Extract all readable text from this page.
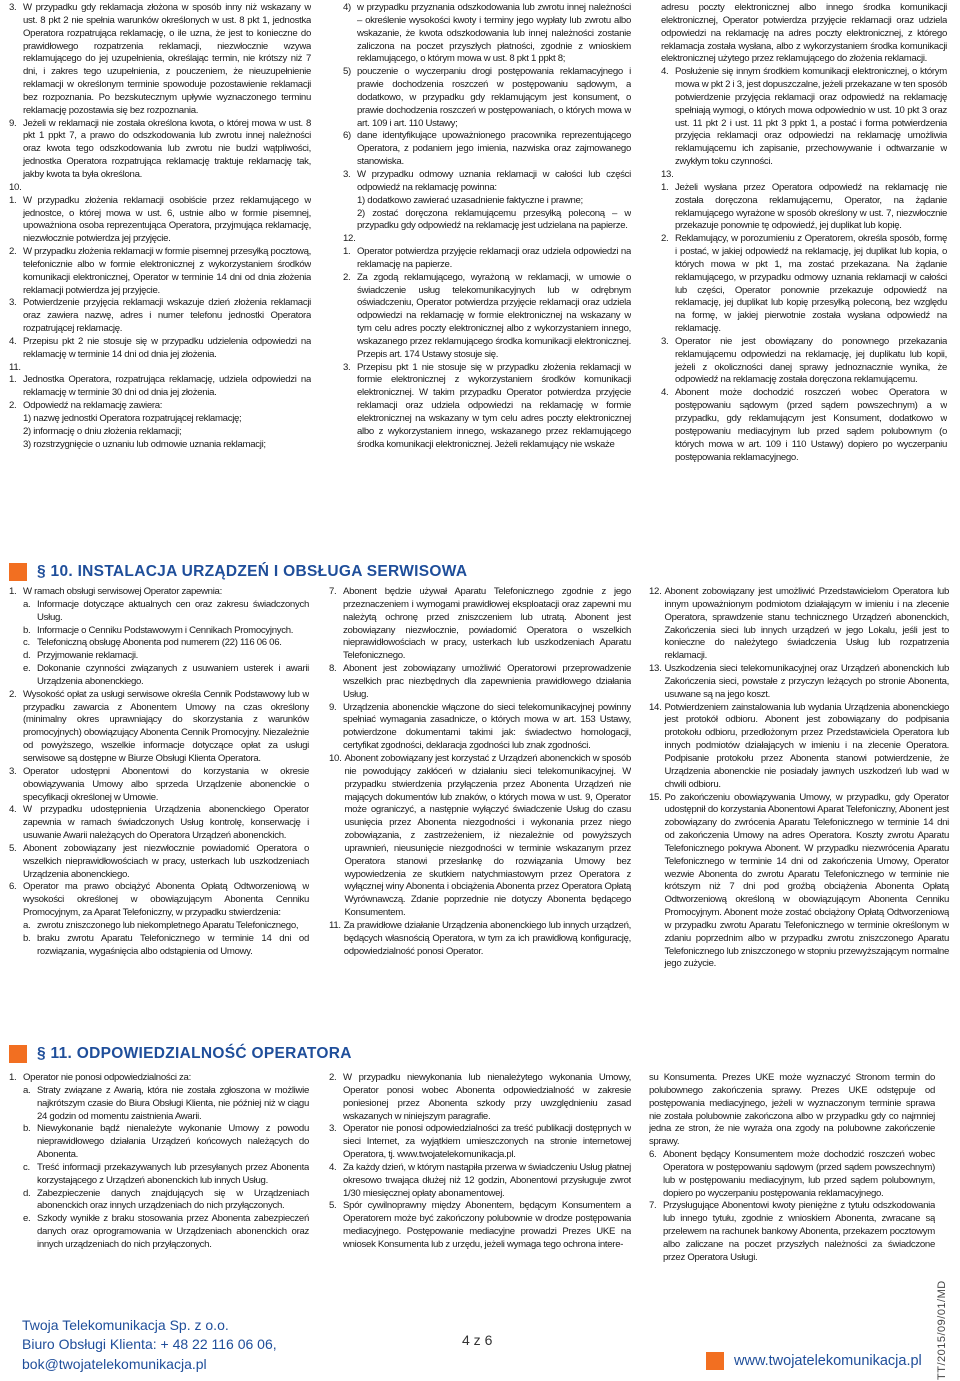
3. W przypadku gdy reklamacja złożona w sposób inny niż wskazany w ust. 8 pkt 2 nie spełnia warunków określonych w ust. 8 pkt 1, jednostka Operatora rozpatrująca reklamację, o ile uzna, że jest to konieczne do prawidłowego rozpatrzenia reklamacji, niezwłocznie wzywa reklamującego do jej uzupełnienia, określając termin, nie krótszy niż 7 dni, i zakres tego uzupełnienia, z pouczeniem, że nieuzupełnienie reklamacji w określonym terminie spowoduje pozostawienie reklamacji bez rozpoznania. Po bezskutecznym upływie wyznaczonego terminu reklamację pozostawia się bez rozpoznania.
9. Jeżeli w reklamacji nie została określona kwota, o której mowa w ust. 8 pkt 1 ppkt 7, a prawo do odszkodowania lub zwrotu innej należności oraz kwota tego odszkodowania lub zwrotu nie budzi wątpliwości, jednostka Operatora rozpatrująca reklamację traktuje reklamację tak, jakby kwota ta była określona.
10.
1. W przypadku złożenia reklamacji osobiście przez reklamującego w jednostce, o której mowa w ust. 6, ustnie albo w formie pisemnej, upoważniona osoba reprezentująca Operatora, przyjmująca reklamację, niezwłocznie potwierdza jej przyjęcie.
2. W przypadku złożenia reklamacji w formie pisemnej przesyłką pocztową, telefonicznie albo w formie elektronicznej z wykorzystaniem środków komunikacji elektronicznej, Operator w terminie 14 dni od dnia złożenia reklamacji potwierdza jej przyjęcie.
3. Potwierdzenie przyjęcia reklamacji wskazuje dzień złożenia reklamacji oraz zawiera nazwę, adres i numer telefonu jednostki Operatora rozpatrującej reklamację.
4. Przepisu pkt 2 nie stosuje się w przypadku udzielenia odpowiedzi na reklamację w terminie 14 dni od dnia jej złożenia.
11.
1. Jednostka Operatora, rozpatrująca reklamację, udziela odpowiedzi na reklamację w terminie 30 dni od dnia jej złożenia.
2. Odpowiedź na reklamację zawiera:
1) nazwę jednostki Operatora rozpatrującej reklamację;
2) informację o dniu złożenia reklamacji;
3) rozstrzygnięcie o uznaniu lub odmowie uznania reklamacji;
4) w przypadku przyznania odszkodowania lub zwrotu innej należności – określenie wysokości kwoty i terminy jego wypłaty lub zwrotu albo wskazanie, że kwota odszkodowania lub innej należności zostanie zaliczona na poczet przyszłych płatności, zgodnie z wnioskiem reklamującego, o którym mowa w ust. 8 pkt 1 ppkt 8;
5) pouczenie o wyczerpaniu drogi postępowania reklamacyjnego i prawie dochodzenia roszczeń w postępowaniu sądowym, a dodatkowo, w przypadku gdy reklamującym jest konsument, o prawie dochodzenia roszczeń w postępowaniach, o których mowa w art. 109 i art. 110 Ustawy;
6) dane identyfikujące upoważnionego pracownika reprezentującego Operatora, z podaniem jego imienia, nazwiska oraz zajmowanego stanowiska.
3. W przypadku odmowy uznania reklamacji w całości lub części odpowiedź na reklamację powinna:
1) dodatkowo zawierać uzasadnienie faktyczne i prawne;
2) zostać doręczona reklamującemu przesyłką poleconą – w przypadku gdy odpowiedź na reklamację jest udzielana na papierze.
12.
1. Operator potwierdza przyjęcie reklamacji oraz udziela odpowiedzi na reklamację na papierze.
2. Za zgodą reklamującego, wyrażoną w reklamacji, w umowie o świadczenie usług telekomunikacyjnych lub w odrębnym oświadczeniu, Operator potwierdza przyjęcie reklamacji oraz udziela odpowiedzi na reklamację w formie elektronicznej na wskazany w tym celu adres poczty elektronicznej albo z wykorzystaniem innego, wskazanego przez reklamującego środka komunikacji elektronicznej. Przepis art. 174 Ustawy stosuje się.
3. Przepisu pkt 1 nie stosuje się w przypadku złożenia reklamacji w formie elektronicznej z wykorzystaniem środków komunikacji elektronicznej. W takim przypadku Operator potwierdza przyjęcie reklamacji oraz udziela odpowiedzi na reklamację w formie elektronicznej na wskazany w tym celu adres poczty elektronicznej albo z wykorzystaniem innego, wskazanego przez reklamującego środka komunikacji elektronicznej. Jeżeli reklamujący nie wskaże
adresu poczty elektronicznej albo innego środka komunikacji elektronicznej, Operator potwierdza przyjęcie reklamacji oraz udziela odpowiedzi na reklamację na adres poczty elektronicznej, z którego reklamacja została wysłana, albo z wykorzystaniem środka komunikacji elektronicznej użytego przez reklamującego do złożenia reklamacji.
4. Posłużenie się innym środkiem komunikacji elektronicznej, o którym mowa w pkt 2 i 3, jest dopuszczalne, jeżeli przekazane w ten sposób potwierdzenie przyjęcia reklamacji oraz odpowiedź na reklamację spełniają wymogi, o których mowa odpowiednio w ust. 10 pkt 3 oraz ust. 11 pkt 2 i ust. 11 pkt 3 ppkt 1, a postać i forma potwierdzenia przyjęcia reklamacji oraz odpowiedzi na reklamację umożliwia reklamującemu ich zapisanie, przechowywanie i odtwarzanie w zwykłym toku czynności.
13.
1. Jeżeli wysłana przez Operatora odpowiedź na reklamację nie została doręczona reklamującemu, Operator, na żądanie reklamującego wyrażone w sposób określony w ust. 7, niezwłocznie przekazuje ponownie tę odpowiedź, jej duplikat lub kopię.
2. Reklamujący, w porozumieniu z Operatorem, określa sposób, formę i postać, w jakiej odpowiedź na reklamację, jej duplikat lub kopia, o których mowa w pkt 1, ma zostać przekazana. Na żądanie reklamującego, w przypadku odmowy uznania reklamacji w całości lub części, Operator ponownie przekazuje odpowiedź na reklamację, jej duplikat lub kopię przesyłką poleconą, bez względu na formę, w jakiej pierwotnie została wysłana odpowiedź na reklamację.
3. Operator nie jest obowiązany do ponownego przekazania reklamującemu odpowiedzi na reklamację, jej duplikatu lub kopii, jeżeli z okoliczności danej sprawy jednoznacznie wynika, że odpowiedź na reklamację została doręczona reklamującemu.
4. Abonent może dochodzić roszczeń wobec Operatora w postępowaniu sądowym (przed sądem powszechnym) a w przypadku, gdy reklamującym jest Konsument, dodatkowo w postępowaniu mediacyjnym lub przed sądem polubownym (o których mowa w art. 109 i 110 Ustawy) dopiero po wyczerpaniu postępowania reklamacyjnego.
§ 10. INSTALACJA URZĄDZEŃ I OBSŁUGA SERWISOWA
1. W ramach obsługi serwisowej Operator zapewnia:
a. Informacje dotyczące aktualnych cen oraz zakresu świadczonych Usług.
b. Informacje o Cenniku Podstawowym i Cennikach Promocyjnych.
c. Telefoniczną obsługę Abonenta pod numerem (22) 116 06 06.
d. Przyjmowanie reklamacji.
e. Dokonanie czynności związanych z usuwaniem usterek i awarii Urządzenia abonenckiego.
2. Wysokość opłat za usługi serwisowe określa Cennik Podstawowy lub w przypadku zawarcia z Abonentem Umowy na czas określony (minimalny okres uprawniający do skorzystania z warunków promocyjnych) obowiązujący Abonenta Cennik Promocyjny. Niezależnie od powyższego, wszelkie informacje dotyczące opłat za usługi serwisowe są dostępne w Biurze Obsługi Klienta Operatora.
3. Operator udostępni Abonentowi do korzystania w okresie obowiązywania Umowy albo sprzeda Urządzenie abonenckie o specyfikacji określonej w Umowie.
4. W przypadku udostępnienia Urządzenia abonenckiego Operator zapewnia w ramach świadczonych Usług kontrolę, konserwację i usuwanie Awarii należących do Operatora Urządzeń abonenckich.
5. Abonent zobowiązany jest niezwłocznie powiadomić Operatora o wszelkich nieprawidłowościach w pracy, usterkach lub uszkodzeniach Urządzenia abonenckiego.
6. Operator ma prawo obciążyć Abonenta Opłatą Odtworzeniową w wysokości określonej w obowiązującym Abonenta Cenniku Promocyjnym, za Aparat Telefoniczny, w przypadku stwierdzenia:
a. zwrotu zniszczonego lub niekompletnego Aparatu Telefonicznego,
b. braku zwrotu Aparatu Telefonicznego w terminie 14 dni od rozwiązania, wygaśnięcia albo odstąpienia od Umowy.
7. Abonent będzie używał Aparatu Telefonicznego zgodnie z jego przeznaczeniem i wymogami prawidłowej eksploatacji oraz zapewni mu należytą ochronę przed zniszczeniem lub utratą. Abonent jest zobowiązany niezwłocznie, powiadomić Operatora o wszelkich nieprawidłowościach w pracy, usterkach lub uszkodzeniach Aparatu Telefonicznego.
8. Abonent jest zobowiązany umożliwić Operatorowi przeprowadzenie wszelkich prac niezbędnych dla zapewnienia prawidłowego działania Usług.
9. Urządzenia abonenckie włączone do sieci telekomunikacyjnej powinny spełniać wymagania zasadnicze, o których mowa w art. 153 Ustawy, potwierdzone dokumentami takimi jak: świadectwo homologacji, certyfikat zgodności, deklaracja zgodności lub znak zgodności.
10. Abonent zobowiązany jest korzystać z Urządzeń abonenckich w sposób nie powodujący zakłóceń w działaniu sieci telekomunikacyjnej. W przypadku stwierdzenia przyłączenia przez Abonenta Urządzeń nie mających dokumentów lub znaków, o których mowa w ust. 9, Operator może ograniczyć, a następnie wyłączyć świadczenie Usług do czasu usunięcia przez Abonenta niezgodności i wykonania przez niego zobowiązania, z zastrzeżeniem, iż niezależnie od powyższych uprawnień, nieusunięcie niezgodności w terminie wskazanym przez Operatora stanowi przesłankę do rozwiązania Umowy bez wypowiedzenia ze skutkiem natychmiastowym przez Operatora z wyłącznej winy Abonenta i obciążenia Abonenta przez Operatora Opłatą Wyrównawczą. Zdanie poprzednie nie dotyczy Abonenta będącego Konsumentem.
11. Za prawidłowe działanie Urządzenia abonenckiego lub innych urządzeń, będących własnością Operatora, w tym za ich prawidłową konfigurację, odpowiedzialność ponosi Operator.
12. Abonent zobowiązany jest umożliwić Przedstawicielom Operatora lub innym upoważnionym podmiotom działającym w imieniu i na zlecenie Operatora, sprawdzenie stanu technicznego Urządzeń abonenckich, Zakończenia sieci lub innych urządzeń w jego Lokalu, jeśli jest to konieczne do należytego świadczenia Usług lub rozpatrzenia reklamacji.
13. Uszkodzenia sieci telekomunikacyjnej oraz Urządzeń abonenckich lub Zakończenia sieci, powstałe z przyczyn leżących po stronie Abonenta, usuwane są na jego koszt.
14. Potwierdzeniem zainstalowania lub wydania Urządzenia abonenckiego jest protokół odbioru. Abonent jest zobowiązany do podpisania protokołu odbioru, przedłożonym przez Przedstawiciela Operatora lub innych podmiotów działających w imieniu i na zlecenie Operatora. Podpisanie protokołu przez Abonenta stanowi potwierdzenie, że Urządzenia abonenckie nie posiadały jawnych uszkodzeń lub wad w chwili odbioru.
15. Po zakończeniu obowiązywania Umowy, w przypadku, gdy Operator udostępnił do korzystania Abonentowi Aparat Telefoniczny, Abonent jest zobowiązany do zwrócenia Aparatu Telefonicznego w terminie 14 dni od zakończenia Umowy na adres Operatora. Koszty zwrotu Aparatu Telefonicznego pokrywa Abonent. W przypadku niezwrócenia Aparatu Telefonicznego w terminie 14 dni od zakończenia Umowy, Operator wezwie Abonenta do zwrotu Aparatu Telefonicznego w terminie nie krótszym niż 7 dni pod groźbą obciążenia Abonenta Opłatą Odtworzeniową określoną w obowiązującym Abonenta Cenniku Promocyjnym. Abonent może zostać obciążony Opłatą Odtworzeniową w przypadku zwrotu Aparatu Telefonicznego w terminie określonym w zdaniu poprzednim albo w przypadku zwrotu zniszczonego Aparatu Telefonicznego lub zniszczonego w stopniu przewyższającym normalne jego zużycie.
§ 11. ODPOWIEDZIALNOŚĆ OPERATORA
1. Operator nie ponosi odpowiedzialności za:
a. Straty związane z Awarią, która nie została zgłoszona w możliwie najkrótszym czasie do Biura Obsługi Klienta, nie później niż w ciągu 24 godzin od momentu zaistnienia Awarii.
b. Niewykonanie bądź nienależyte wykonanie Umowy z powodu nieprawidłowego działania Urządzeń końcowych należących do Abonenta.
c. Treść informacji przekazywanych lub przesyłanych przez Abonenta korzystającego z Urządzeń abonenckich lub innych Usług.
d. Zabezpieczenie danych znajdujących się w Urządzeniach abonenckich oraz innych urządzeniach do nich przyłączonych.
e. Szkody wynikłe z braku stosowania przez Abonenta zabezpieczeń danych oraz oprogramowania w Urządzeniach abonenckich oraz innych urządzeniach do nich przyłączonych.
2. W przypadku niewykonania lub nienależytego wykonania Umowy, Operator ponosi wobec Abonenta odpowiedzialność w zakresie poniesionej przez Abonenta szkody przy uwzględnieniu zasad wskazanych w niniejszym paragrafie.
3. Operator nie ponosi odpowiedzialności za treść publikacji dostępnych w sieci Internet, za wyjątkiem umieszczonych na stronie internetowej Operatora, tj. www.twojatelekomunikacja.pl.
4. Za każdy dzień, w którym nastąpiła przerwa w świadczeniu Usług płatnej okresowo trwająca dłużej niż 12 godzin, Abonentowi przysługuje zwrot 1/30 miesięcznej opłaty abonamentowej.
5. Spór cywilnoprawny między Abonentem, będącym Konsumentem a Operatorem może być zakończony polubownie w drodze postępowania mediacyjnego. Postępowanie mediacyjne prowadzi Prezes UKE na wniosek Konsumenta lub z urzędu, jeżeli wymaga tego ochrona intere-
su Konsumenta. Prezes UKE może wyznaczyć Stronom termin do polubownego zakończenia sprawy. Prezes UKE odstępuje od postępowania mediacyjnego, jeżeli w wyznaczonym terminie sprawa nie została polubownie zakończona albo w przypadku gdy co najmniej jedna ze stron, że nie wyraża ona zgody na polubowne zakończenie sprawy.
6. Abonent będący Konsumentem może dochodzić roszczeń wobec Operatora w postępowaniu sądowym (przed sądem powszechnym) lub w postępowaniu mediacyjnym, lub przed sądem polubownym, dopiero po wyczerpaniu postępowania reklamacyjnego.
7. Przysługujące Abonentowi kwoty pieniężne z tytułu odszkodowania lub innego tytułu, zgodnie z wnioskiem Abonenta, zwracane są przelewem na rachunek bankowy Abonenta, przekazem pocztowym albo zaliczane na poczet przyszłych należności za świadczone przez Operatora Usługi.
Twoja Telekomunikacja Sp. z o.o.
Biuro Obsługi Klienta: + 48 22 116 06 06,
bok@twojatelekomunikacja.pl
4 z 6
www.twojatelekomunikacja.pl TT/2015/09/01/MD
